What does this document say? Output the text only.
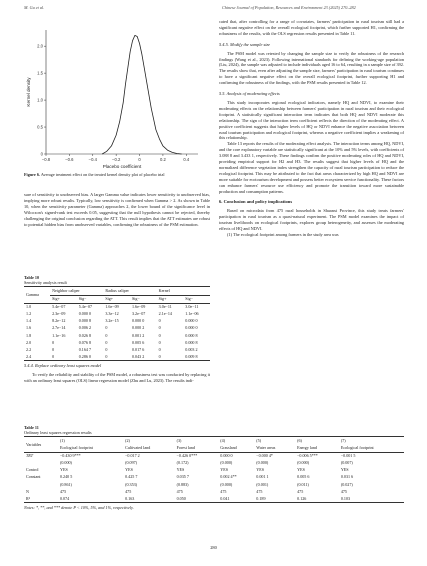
M. Gu et al.	Chinese Journal of Population, Resources and Environment 23 (2025) 270–282
−0.8	−0.6	−0.4	−0.2	0	0.2	0.4
0
0.5
1.0
1.5
2.0
Placebo coefficient
Kernel density
Figure 6. Average treatment effect on the treated kernel density plot of placebo trial

sure of sensitivity to unobserved bias. A larger Gamma value indicates lower sensitivity to unobserved bias, implying more robust results. Typically, low sensitivity is confirmed when Gamma > 2. As shown in Table 10, when the sensitivity parameter (Gamma) approaches 2, the lower bound of the significance level in Wilcoxon's signed-rank test exceeds 0.05, suggesting that the null hypothesis cannot be rejected, thereby challenging the original conclusion regarding the ATT. This result implies that the ATT estimates are robust to potential hidden bias from unobserved variables, confirming the robustness of the PSM estimation.

Table 10
Sensitivity analysis result
Gamma	Neighbor caliper		Radius caliper		Kernel	
	Sig+	Sig−	Sig+	Sig−	Sig+	Sig−
1.0	5.4e−07	5.4e−07	1.6e−09	1.6e−09	3.0e−11	3.0e−11
1.2	2.3e−09	0.000 0	3.3e−12	3.2e−07	2.1e−14	1.1e−06
1.4	8.2e−12	0.000 8	3.2e−15	0.000 0	0	0.000 0
1.6	2.7e−14	0.006 2	0	0.000 2	0	0.000 0
1.8	1.1e−16	0.026 8	0	0.001 2	0	0.000 8
2.0	0	0.076 8	0	0.005 6	0	0.000 8
2.2	0	0.164 7	0	0.017 6	0	0.003 2
2.4	0	0.286 0	0	0.043 2	0	0.009 8
5.4.4. Replace ordinary least squares model

To verify the reliability and stability of the PSM model, a robustness test was conducted by replacing it with an ordinary least squares (OLS) linear regression model (Zhu and Lu, 2023). The results indi-

cated that, after controlling for a range of covariates, farmers' participation in rural tourism still had a significant negative effect on the overall ecological footprint, which further supported H1, confirming the robustness of the results, with the OLS regression results presented in Table 11.

5.4.5. Modify the sample size

The PSM model was retested by changing the sample size to verify the robustness of the research findings (Wang et al., 2023). Following international standards for defining the working-age population (Liu, 2024), the sample was adjusted to include individuals aged 16 to 64, resulting in a sample size of 392. The results show that, even after adjusting the sample size, farmers' participation in rural tourism continues to have a significant negative effect on the overall ecological footprint, further supporting H1 and confirming the robustness of the findings, with the PSM results presented in Table 12.

5.5. Analysis of moderating effects

This study incorporates regional ecological indicators, namely HQ and NDVI, to examine their moderating effects on the relationship between farmers' participation in rural tourism and their ecological footprint. A statistically significant interaction term indicates that both HQ and NDVI moderate this relationship. The sign of the interaction term coefficient reflects the direction of the moderating effect. A positive coefficient suggests that higher levels of HQ or NDVI enhance the negative association between rural tourism participation and ecological footprint, whereas a negative coefficient implies a weakening of this relationship.

Table 13 reports the results of the moderating effect analysis. The interaction terms among HQ, NDVI, and the core explanatory variable are statistically significant at the 10% and 5% levels, with coefficients of 3.088 8 and 3.433 1, respectively. These findings confirm the positive moderating roles of HQ and NDVI, providing empirical support for H2 and H3. The results suggest that higher levels of HQ and the normalized difference vegetation index strengthen the capacity of rural tourism participation to reduce the ecological footprint. This may be attributed to the fact that areas characterized by high HQ and NDVI are more suitable for ecotourism development and possess better ecosystem service functionality. These factors can enhance farmers' resource use efficiency and promote the transition toward more sustainable production and consumption patterns.

6. Conclusion and policy implications

Based on microdata from 475 rural households in Shaanxi Province, this study treats farmers' participation in rural tourism as a quasi-natural experiment. The PSM model examines the impact of tourism livelihoods on ecological footprints, explores group heterogeneity, and assesses the moderating effects of HQ and NDVI.

(1) The ecological footprint among farmers in the study area was

Table 11
Ordinary least squares regression results
Variables	(1)	(2)	(3)	(4)	(5)	(6)	(7)
	Ecological footprint	Cultivated land	Forest land	Grassland	Water areas	Energy land	Ecological footprint
TRT	−0.430 9***	−0.017 2	−0.426 0***	0.000 0	−0.000 4*	−0.006 5***	−0.001 5
	(0.000)	(0.097)	(0.172)	(0.000)	(0.000)	(0.000)	(0.007)
Control	YES	YES	YES	YES	YES	YES	YES
Constant	0.240 5	0.425 7	0.035 7	0.002 4**	0.001 1	0.005 6	0.031 6
	(0.861)	(0.353)	(0.883)	(0.000)	(0.001)	(0.011)	(0.027)
N	475	475	475	475	475	475	475
R²	0.074	0.163	0.050	0.041	0.189	0.126	0.103
Notes: *, **, and *** denote P < 10%, 5%, and 1%, respectively.
280
